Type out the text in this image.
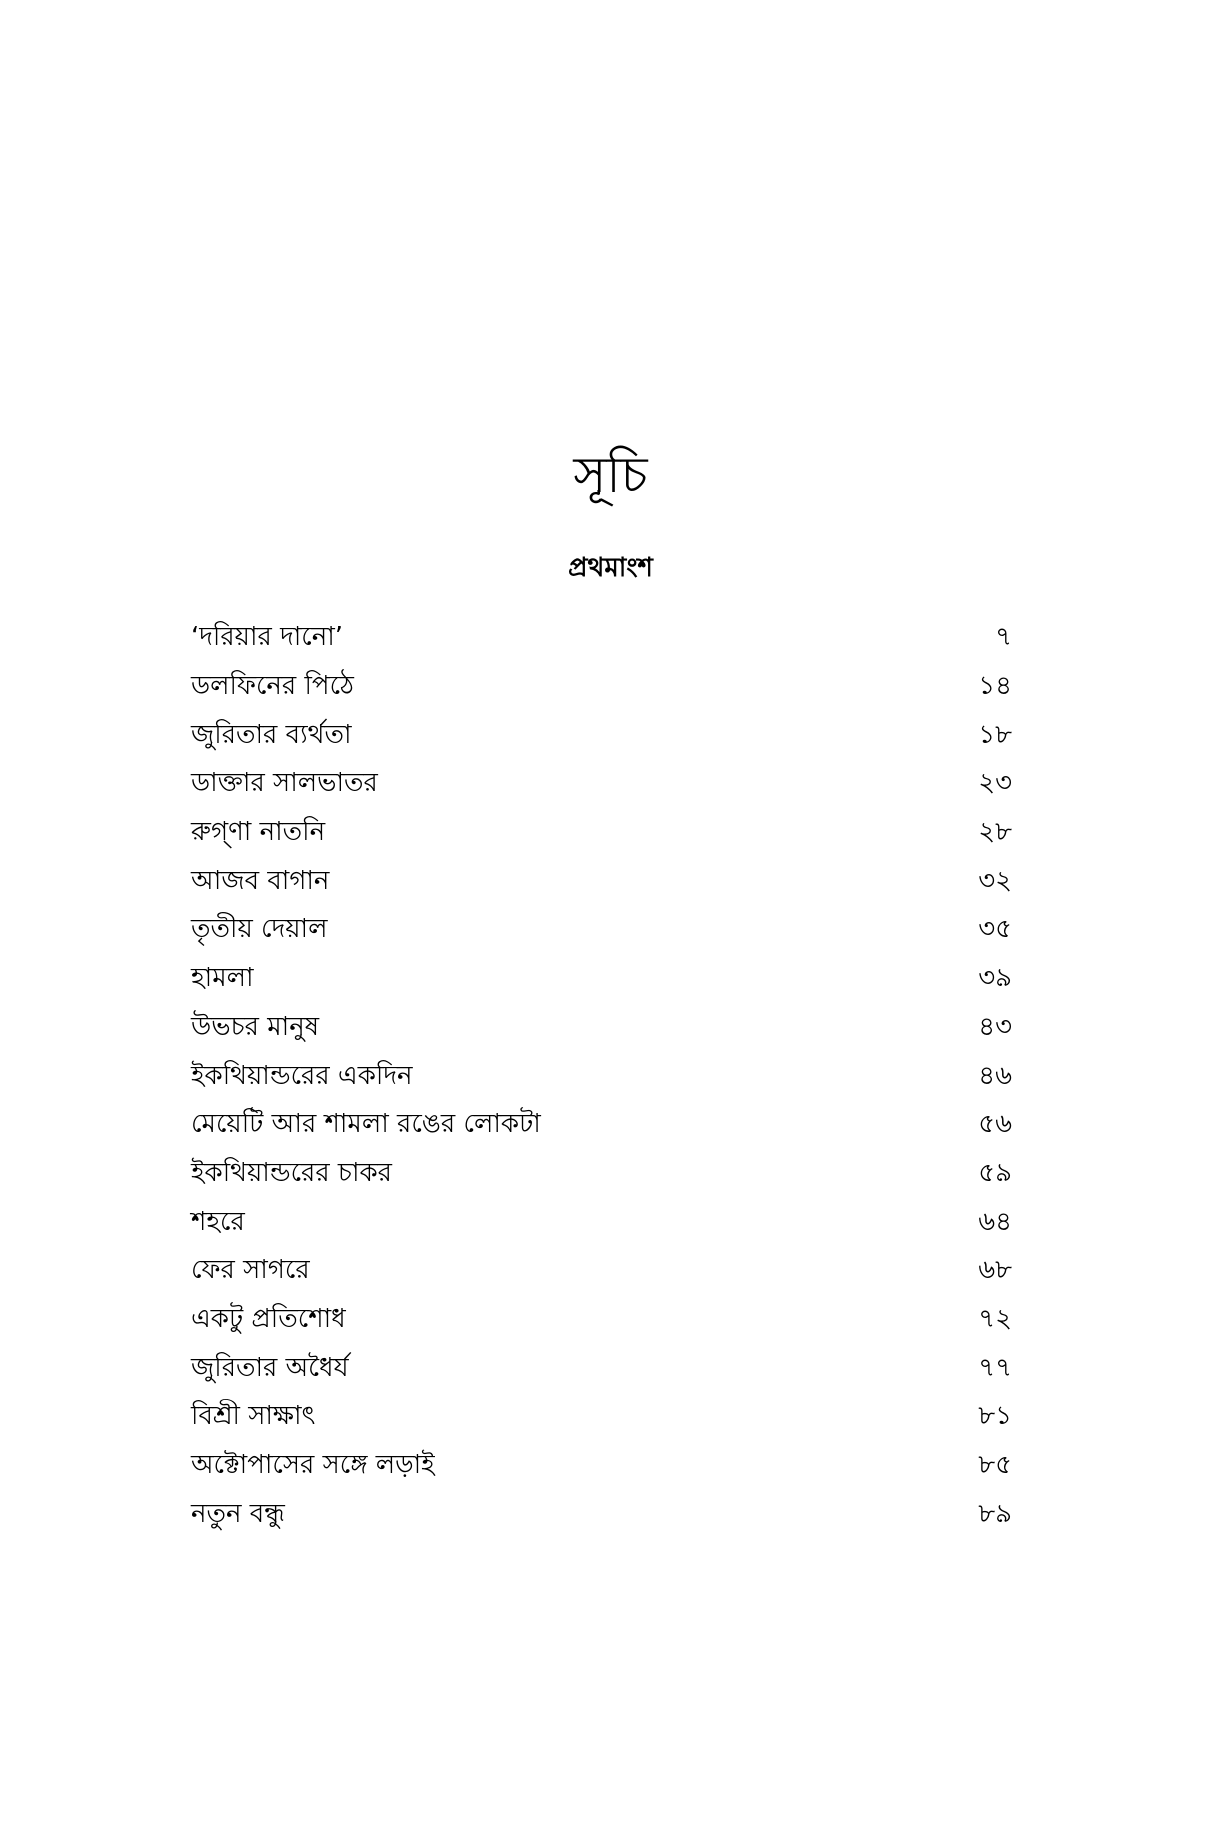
সূচি
প্রথমাংশ
‘দরিয়ার দানো’	৭
ডলফিনের পিঠে	১৪
জুরিতার ব্যর্থতা	১৮
ডাক্তার সালভাতর	২৩
রুগ্‌ণা নাতনি	২৮
আজব বাগান	৩২
তৃতীয় দেয়াল	৩৫
হামলা	৩৯
উভচর মানুষ	৪৩
ইকথিয়ান্ডরের একদিন	৪৬
মেয়েটি আর শামলা রঙের লোকটা	৫৬
ইকথিয়ান্ডরের চাকর	৫৯
শহরে	৬৪
ফের সাগরে	৬৮
একটু প্রতিশোধ	৭২
জুরিতার অধৈর্য	৭৭
বিশ্রী সাক্ষাৎ	৮১
অক্টোপাসের সঙ্গে লড়াই	৮৫
নতুন বন্ধু	৮৯
